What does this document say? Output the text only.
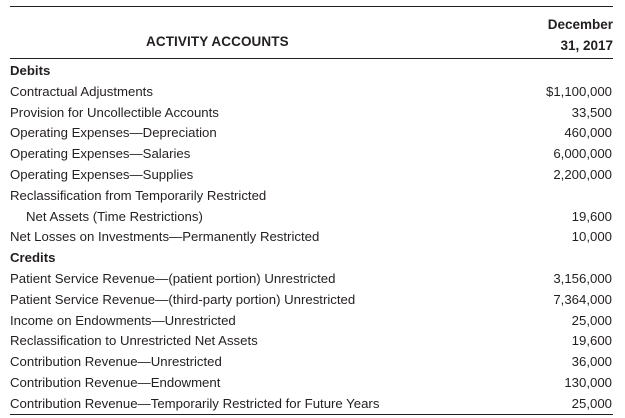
ACTIVITY ACCOUNTS
December
31, 2017
Debits
Contractual Adjustments	$1,100,000
Provision for Uncollectible Accounts	33,500
Operating Expenses—Depreciation	460,000
Operating Expenses—Salaries	6,000,000
Operating Expenses—Supplies	2,200,000
Reclassification from Temporarily Restricted
Net Assets (Time Restrictions)	19,600
Net Losses on Investments—Permanently Restricted	10,000
Credits
Patient Service Revenue—(patient portion) Unrestricted	3,156,000
Patient Service Revenue—(third-party portion) Unrestricted	7,364,000
Income on Endowments—Unrestricted	25,000
Reclassification to Unrestricted Net Assets	19,600
Contribution Revenue—Unrestricted	36,000
Contribution Revenue—Endowment	130,000
Contribution Revenue—Temporarily Restricted for Future Years	25,000
